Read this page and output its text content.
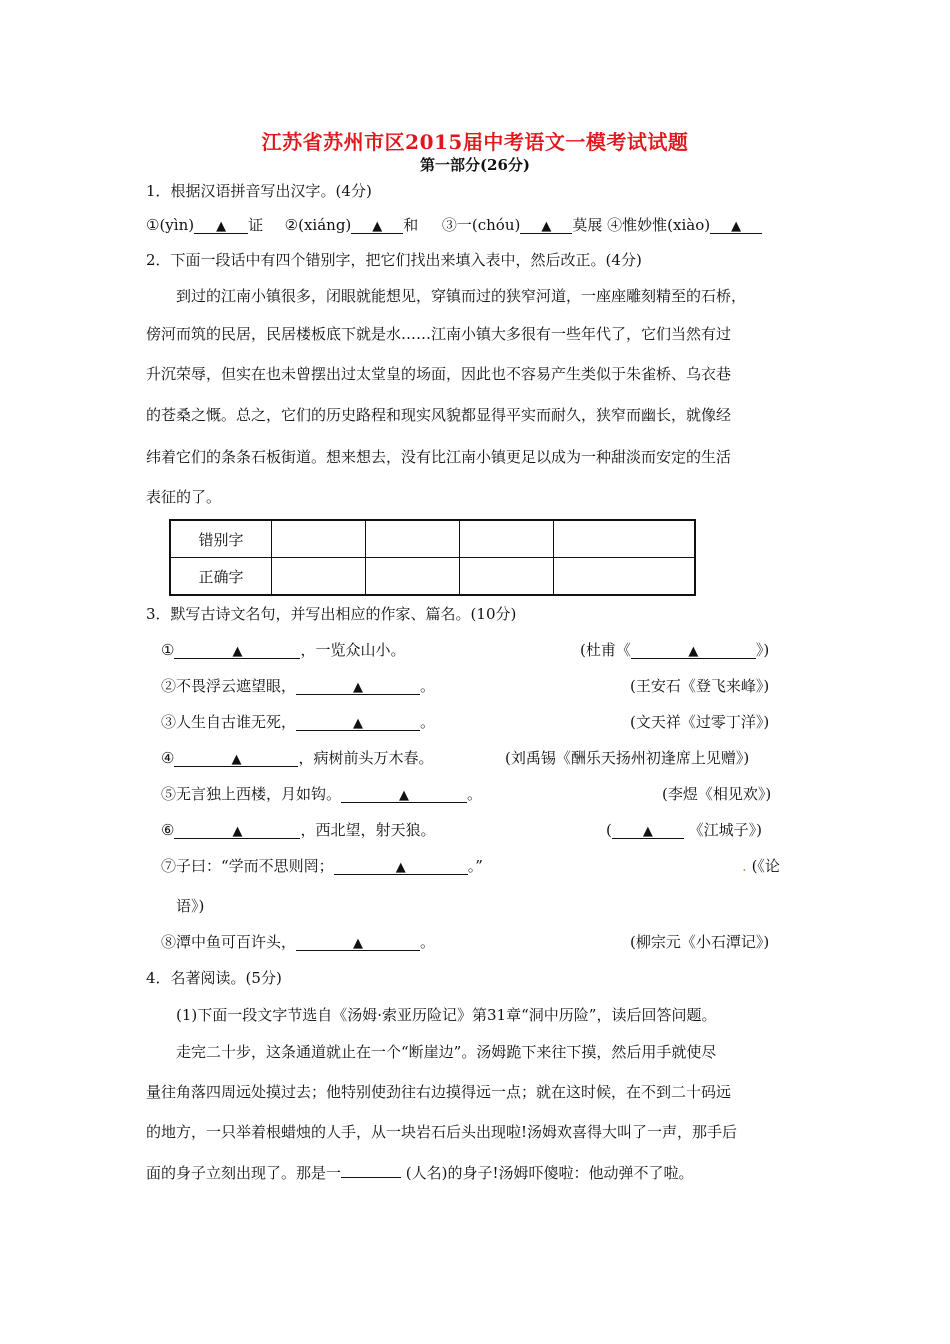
江苏省苏州市区2015届中考语文一模考试试题
第一部分(26分)
1．根据汉语拼音写出汉字。(4分)
①(yìn) ▲ 证 ②(xiáng) ▲ 和 ③一(chóu) ▲ 莫展 ④惟妙惟(xiào) ▲
2．下面一段话中有四个错别字，把它们找出来填入表中，然后改正。(4分)
到过的江南小镇很多，闭眼就能想见，穿镇而过的狭窄河道，一座座雕刻精至的石桥，
傍河而筑的民居，民居楼板底下就是水……江南小镇大多很有一些年代了，它们当然有过
升沉荣辱，但实在也未曾摆出过太堂皇的场面，因此也不容易产生类似于朱雀桥、乌衣巷
的苍桑之慨。总之，它们的历史路程和现实风貌都显得平实而耐久，狭窄而幽长，就像经
纬着它们的条条石板街道。想来想去，没有比江南小镇更足以成为一种甜淡而安定的生活
表征的了。
错别字				
正确字				
3．默写古诗文名句，并写出相应的作家、篇名。(10分)
①	▲	，一览众山小。	(杜甫《	▲	》)
②不畏浮云遮望眼，	▲	。	(王安石《登飞来峰》)
③人生自古谁无死，	▲	。	(文天祥《过零丁洋》)
④	▲	，病树前头万木春。	(刘禹锡《酬乐天扬州初逢席上见赠》)
⑤无言独上西楼，月如钩。	▲	。	(李煜《相见欢》)
⑥	▲	，西北望，射天狼。	( ▲ 《江城子》)
⑦子曰：“学而不思则罔；	▲	。”	. (《论
语》)
⑧潭中鱼可百许头，	▲	。	(柳宗元《小石潭记》)
4．名著阅读。(5分)
(1)下面一段文字节选自《汤姆·索亚历险记》第31章“洞中历险”，读后回答问题。
走完二十步，这条通道就止在一个“断崖边”。汤姆跪下来往下摸，然后用手就使尽
量往角落四周远处摸过去；他特别使劲往右边摸得远一点；就在这时候，在不到二十码远
的地方，一只举着根蜡烛的人手，从一块岩石后头出现啦!汤姆欢喜得大叫了一声，那手后
面的身子立刻出现了。那是一	(人名)的身子!汤姆吓傻啦：他动弹不了啦。
